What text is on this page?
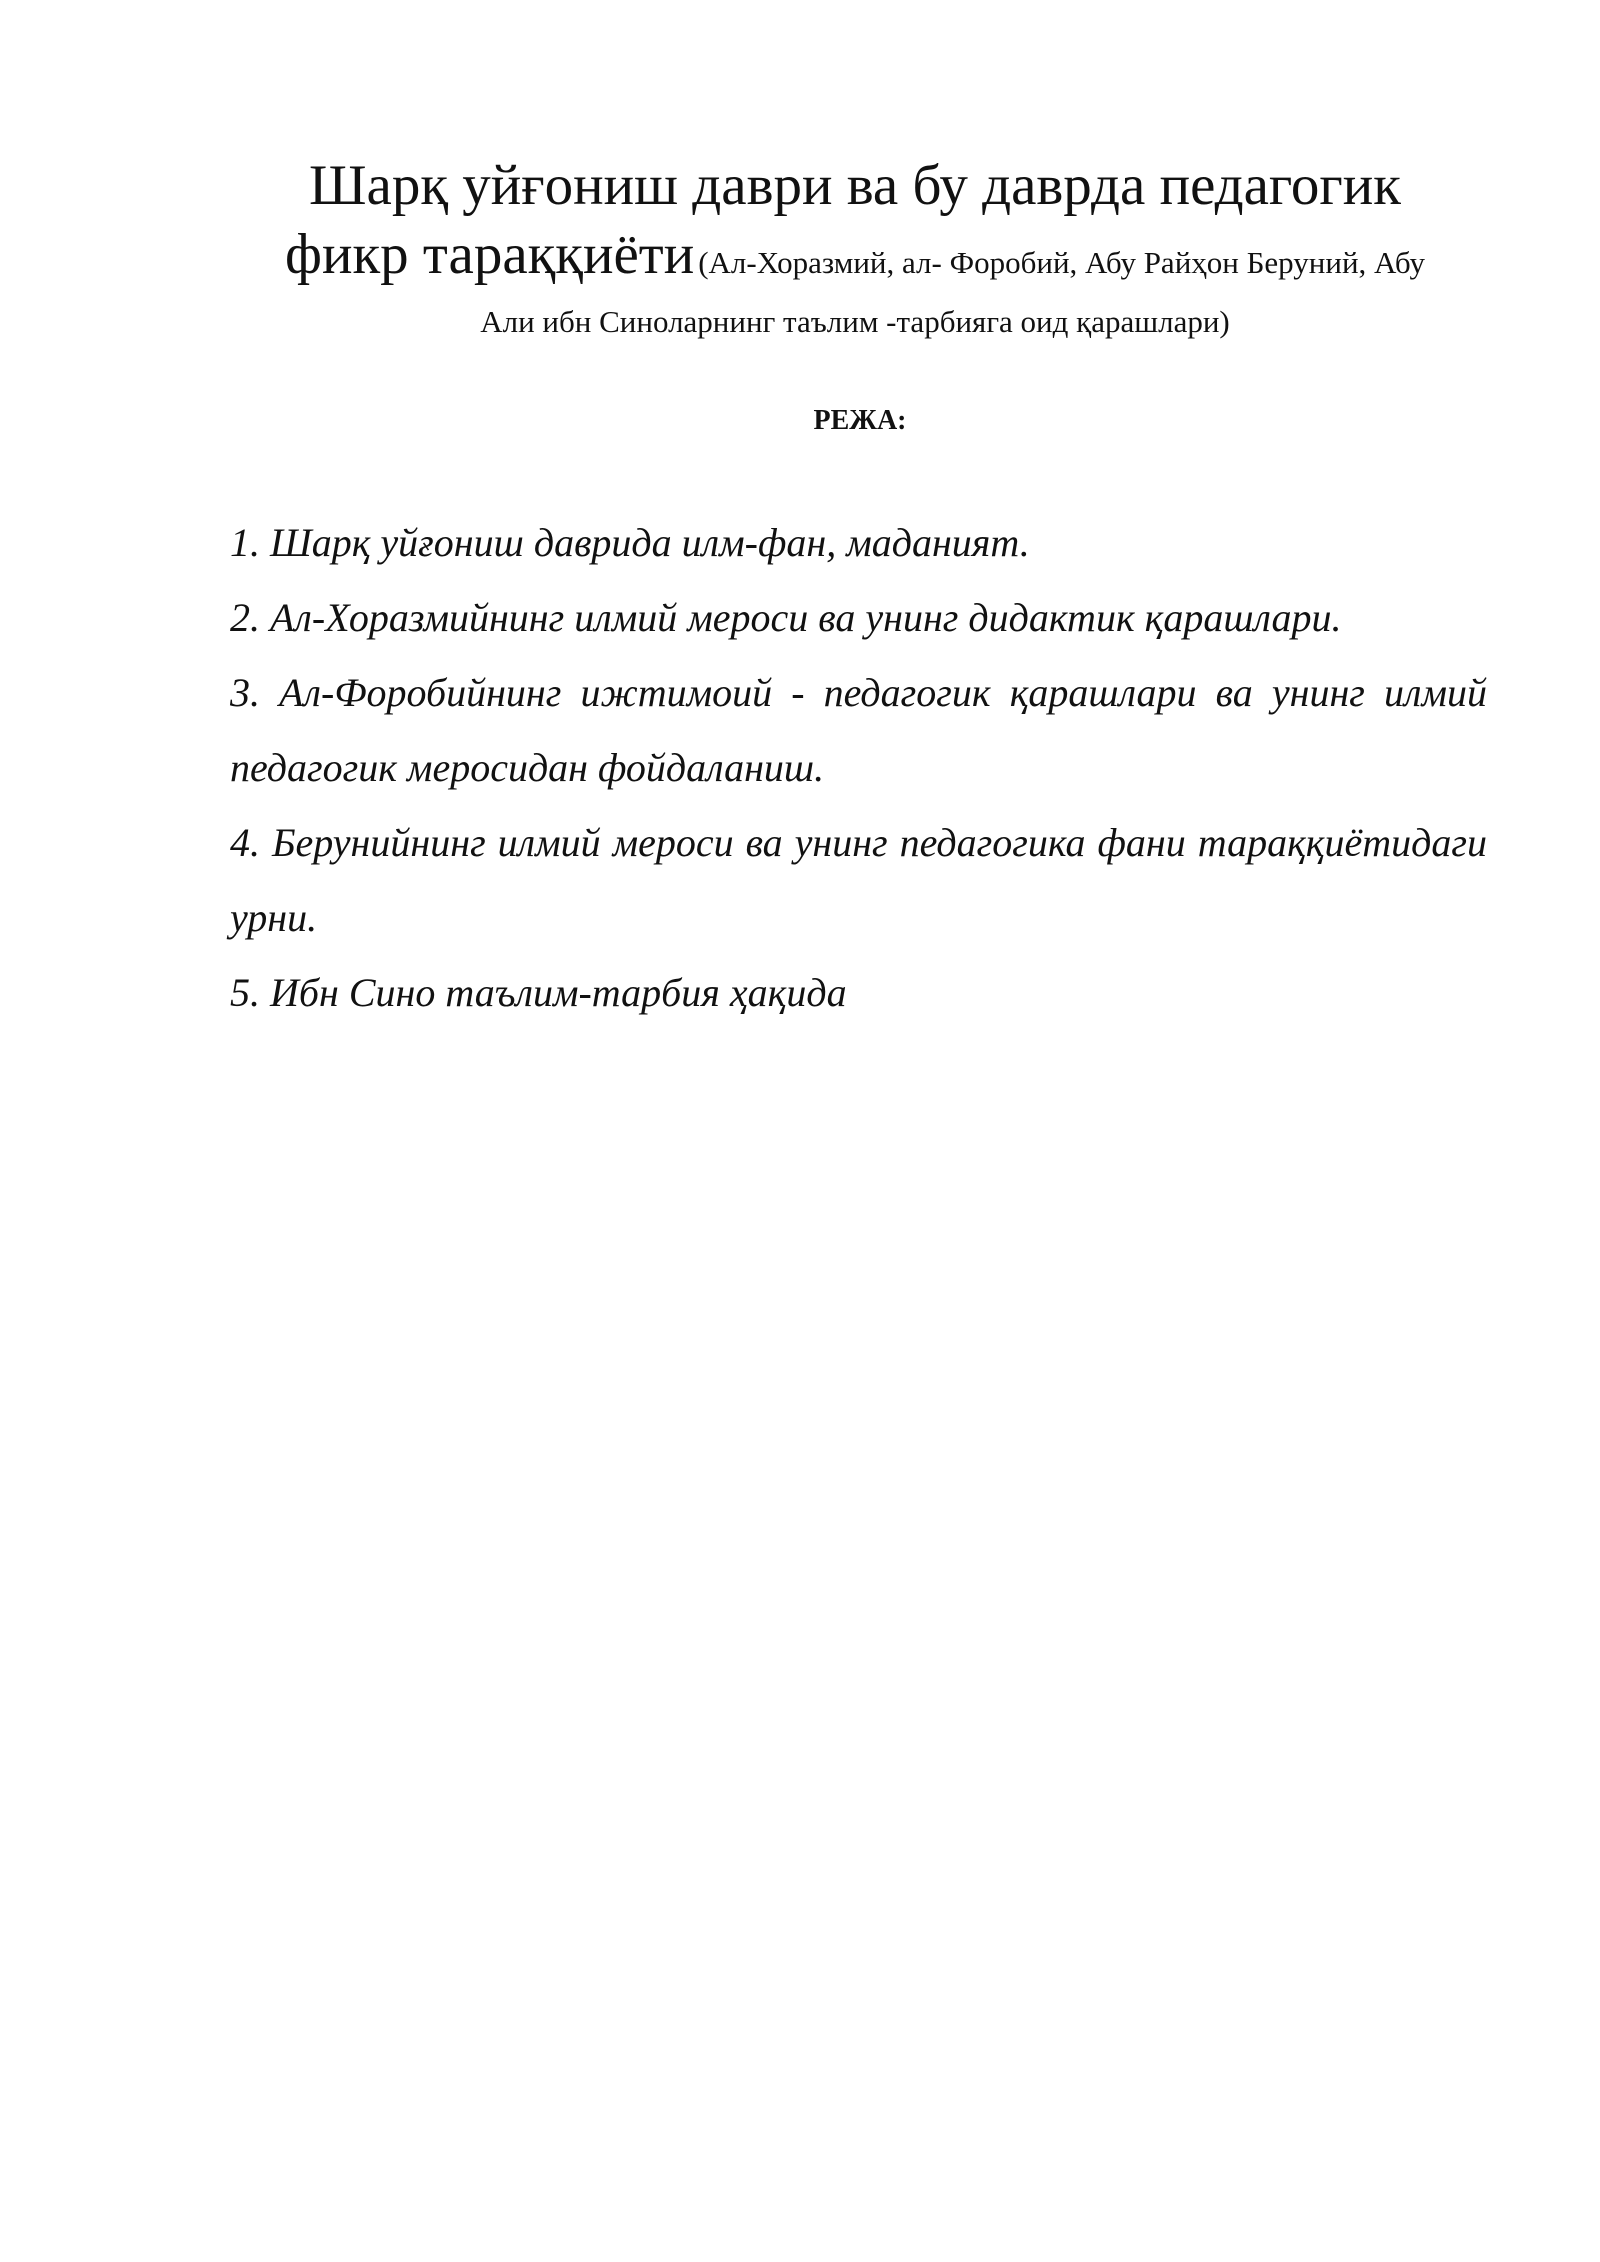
Шарқ уйғониш даври ва бу даврда педагогик
фикр тараққиёти (Ал-Хоразмий, ал- Форобий, Абу Райҳон Беруний, Абу
Али ибн Синоларнинг таълим -тарбияга оид қарашлари)
РЕЖА:
1. Шарқ уйғониш даврида илм-фан, маданият.
2. Ал-Хоразмийнинг илмий мероси ва унинг дидактик қарашлари.
3. Ал-Форобийнинг ижтимоий - педагогик қарашлари ва унинг илмий педагогик меросидан фойдаланиш.
4. Берунийнинг илмий мероси ва унинг педагогика фани тараққиётидаги урни.
5. Ибн Сино таълим-тарбия ҳақида
